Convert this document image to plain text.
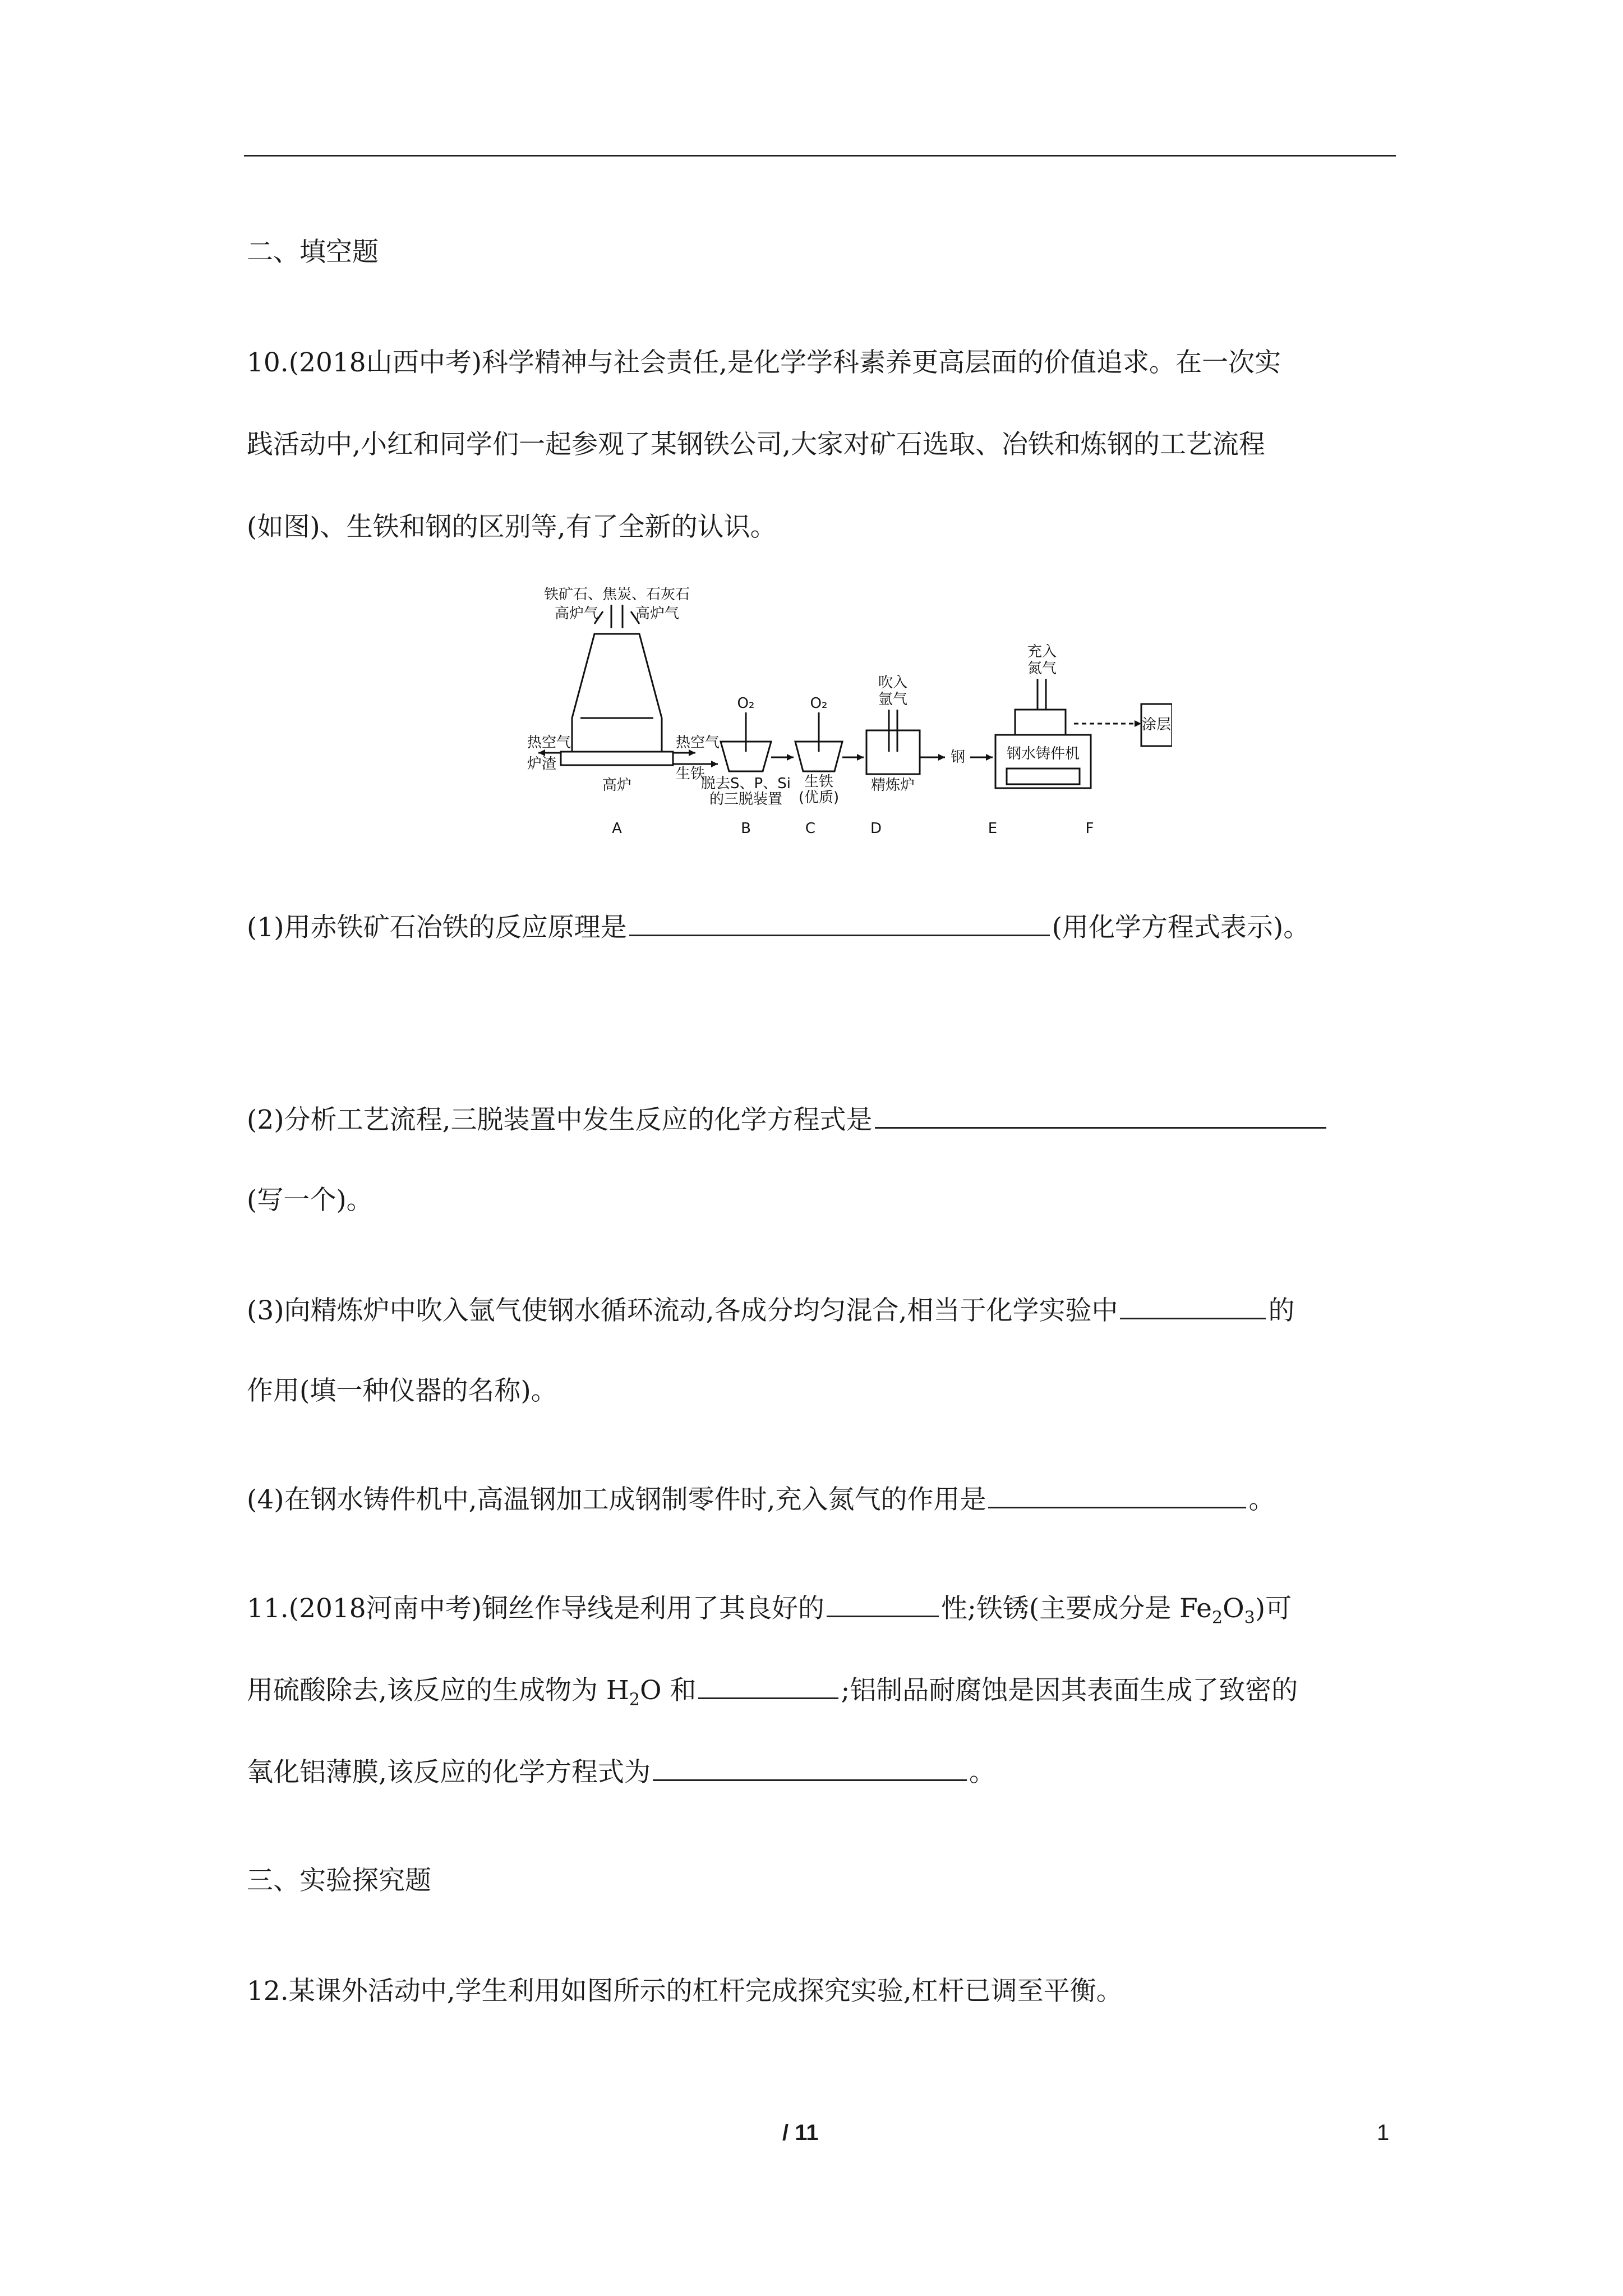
二、填空题
10.(2018山西中考)科学精神与社会责任,是化学学科素养更高层面的价值追求。在一次实
践活动中,小红和同学们一起参观了某钢铁公司,大家对矿石选取、冶铁和炼钢的工艺流程
(如图)、生铁和钢的区别等,有了全新的认识。
铁矿石、焦炭、石灰石
高炉气	高炉气
热空气
炉渣
热空气
生铁
高炉
O₂	O₂
吹入
氩气
充入
氮气
脱去S、P、Si
的三脱装置
生铁
(优质)
精炼炉
钢	钢水铸件机
涂层
A	B	C	D	E	F
(1)用赤铁矿石冶铁的反应原理是	(用化学方程式表示)。
(2)分析工艺流程,三脱装置中发生反应的化学方程式是
(写一个)。
(3)向精炼炉中吹入氩气使钢水循环流动,各成分均匀混合,相当于化学实验中	的
作用(填一种仪器的名称)。
(4)在钢水铸件机中,高温钢加工成钢制零件时,充入氮气的作用是	。
11.(2018河南中考)铜丝作导线是利用了其良好的	性;铁锈(主要成分是 $Fe_2O_3$)可
用硫酸除去,该反应的生成物为 $H_2O$ 和	;铝制品耐腐蚀是因其表面生成了致密的
氧化铝薄膜,该反应的化学方程式为	。
三、实验探究题
12.某课外活动中,学生利用如图所示的杠杆完成探究实验,杠杆已调至平衡。
/ 11	1
